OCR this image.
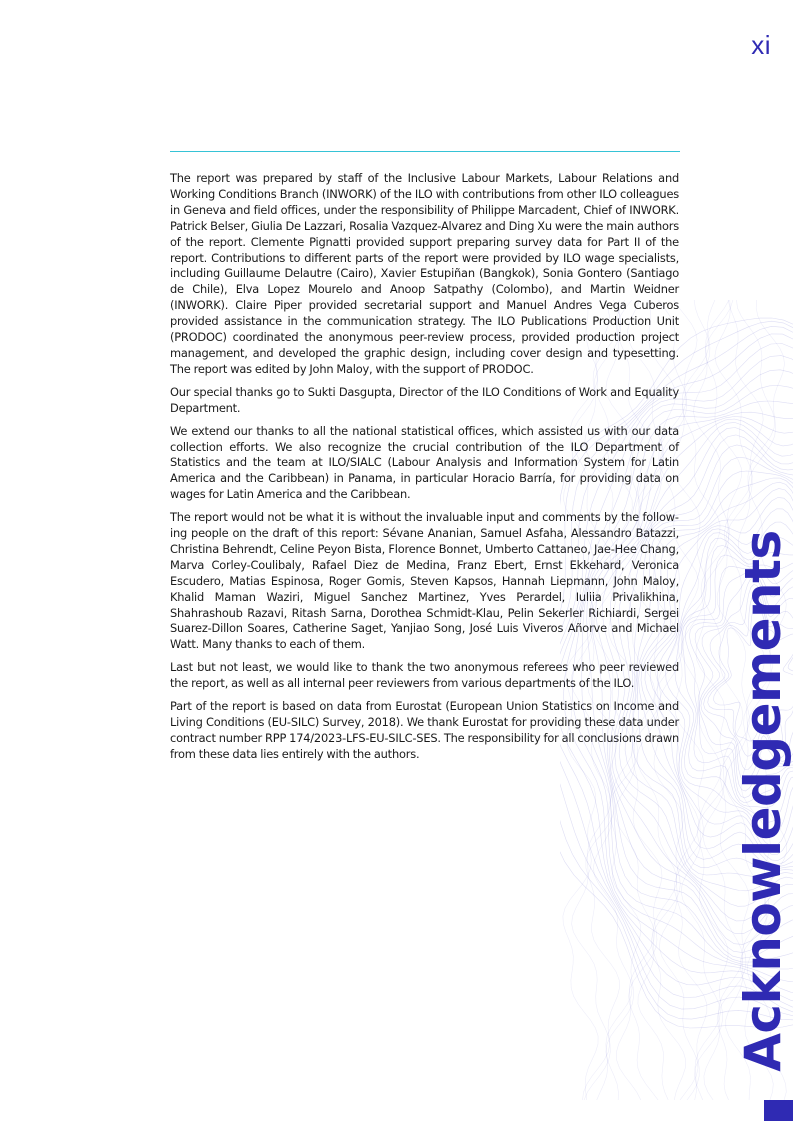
xi

The report was prepared by staff of the Inclusive Labour Markets, Labour Relations and Working Conditions Branch (INWORK) of the ILO with contributions from other ILO colleagues in Geneva and field offices, under the responsibility of Philippe Marcadent, Chief of INWORK. Patrick Belser, Giulia De Lazzari, Rosalia Vazquez-Alvarez and Ding Xu were the main authors of the report. Clemente Pignatti provided support preparing survey data for Part II of the report. Contributions to different parts of the report were provided by ILO wage specialists, including Guillaume Delautre (Cairo), Xavier Estupiñan (Bangkok), Sonia Gontero (Santiago de Chile), Elva Lopez Mourelo and Anoop Satpathy (Colombo), and Martin Weidner (INWORK). Claire Piper provided secretarial support and Manuel Andres Vega Cuberos provided assistance in the communication strategy. The ILO Publications Production Unit (PRODOC) coordinated the anonymous peer-review process, provided production project management, and developed the graphic design, including cover design and typesetting. The report was edited by John Maloy, with the support of PRODOC.

Our special thanks go to Sukti Dasgupta, Director of the ILO Conditions of Work and Equality Department.

We extend our thanks to all the national statistical offices, which assisted us with our data collection efforts. We also recognize the crucial contribution of the ILO Department of Statistics and the team at ILO/SIALC (Labour Analysis and Information System for Latin America and the Caribbean) in Panama, in particular Horacio Barría, for providing data on wages for Latin America and the Caribbean.

The report would not be what it is without the invaluable input and comments by the following people on the draft of this report: Sévane Ananian, Samuel Asfaha, Alessandro Batazzi, Christina Behrendt, Celine Peyon Bista, Florence Bonnet, Umberto Cattaneo, Jae-Hee Chang, Marva Corley-Coulibaly, Rafael Diez de Medina, Franz Ebert, Ernst Ekkehard, Veronica Escudero, Matias Espinosa, Roger Gomis, Steven Kapsos, Hannah Liepmann, John Maloy, Khalid Maman Waziri, Miguel Sanchez Martinez, Yves Perardel, Iuliia Privalikhina, Shahrashoub Razavi, Ritash Sarna, Dorothea Schmidt-Klau, Pelin Sekerler Richiardi, Sergei Suarez-Dillon Soares, Catherine Saget, Yanjiao Song, José Luis Viveros Añorve and Michael Watt. Many thanks to each of them.

Last but not least, we would like to thank the two anonymous referees who peer reviewed the report, as well as all internal peer reviewers from various departments of the ILO.

Part of the report is based on data from Eurostat (European Union Statistics on Income and Living Conditions (EU-SILC) Survey, 2018). We thank Eurostat for providing these data under contract number RPP 174/2023-LFS-EU-SILC-SES. The responsibility for all conclusions drawn from these data lies entirely with the authors.	Acknowledgements
